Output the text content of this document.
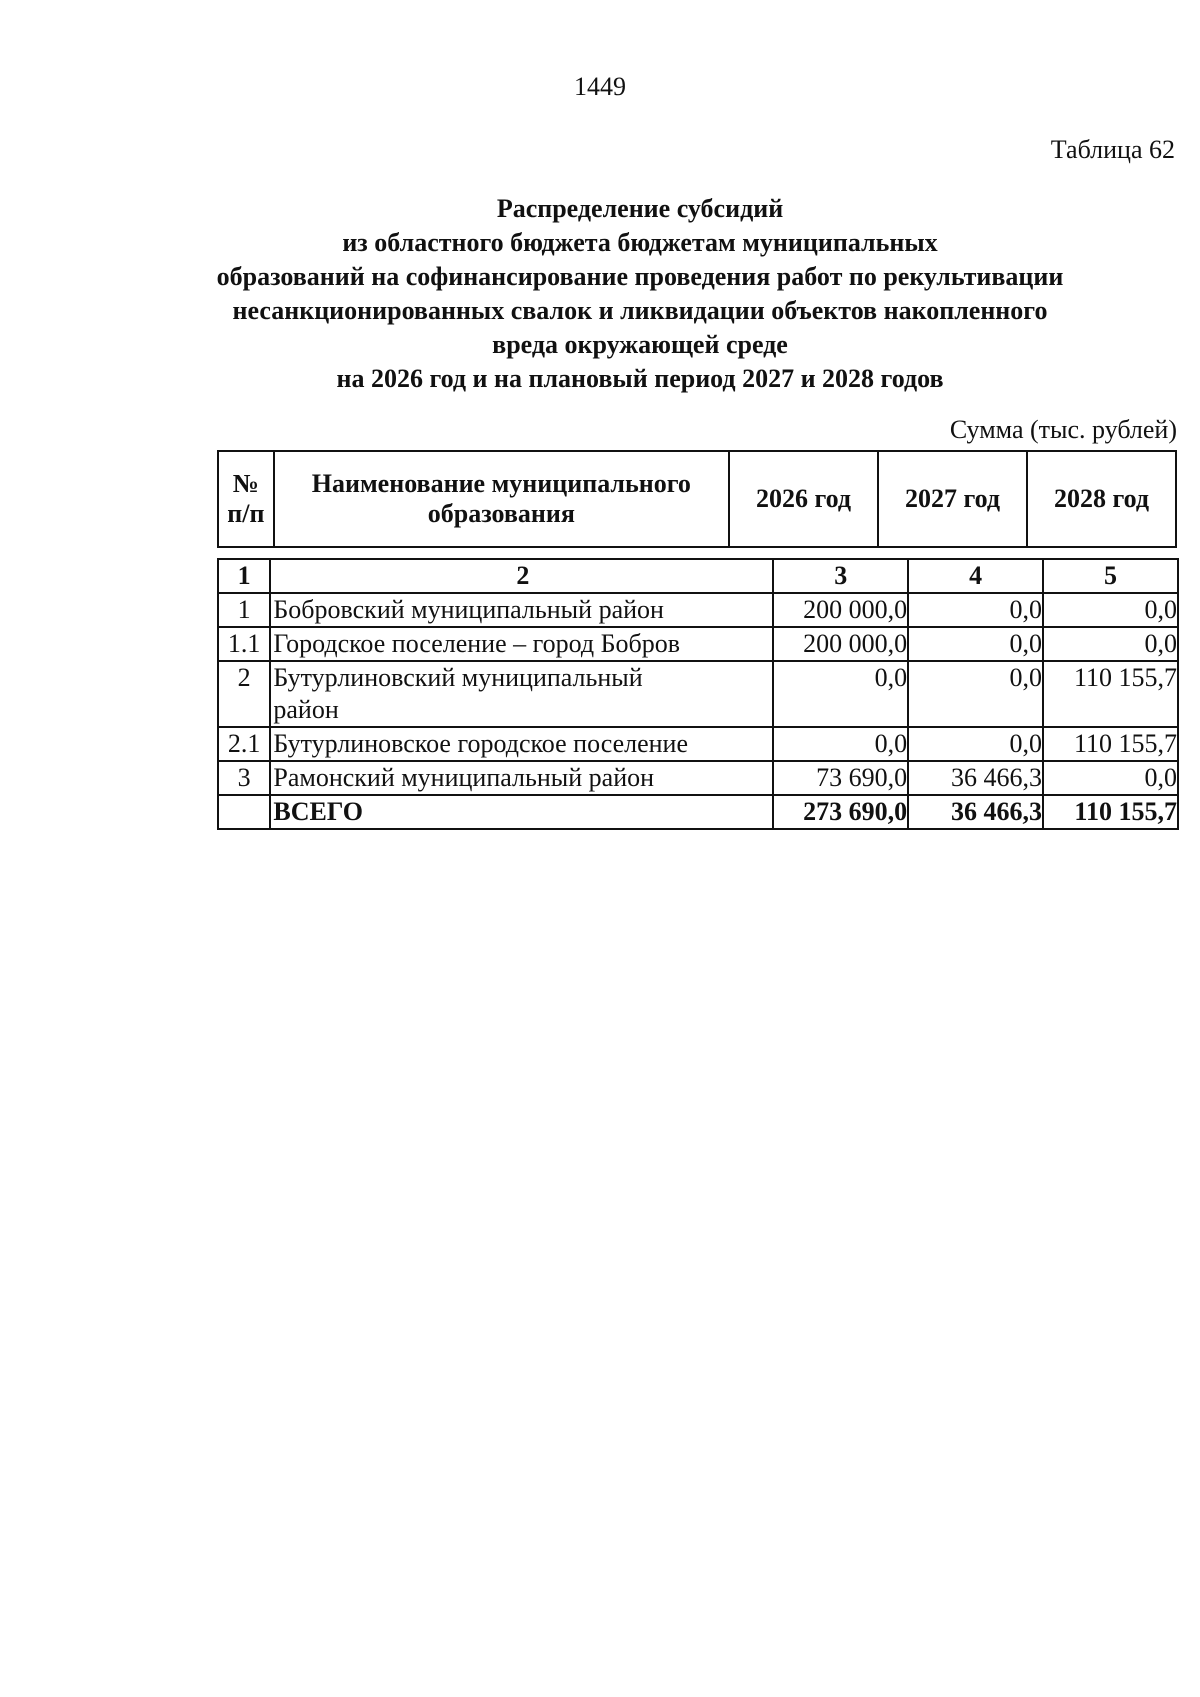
1449
Таблица 62
Распределение субсидий
из областного бюджета бюджетам муниципальных
образований на софинансирование проведения работ по рекультивации
несанкционированных свалок и ликвидации объектов накопленного
вреда окружающей среде
на 2026 год и на плановый период 2027 и 2028 годов
Сумма (тыс. рублей)
№ п/п	Наименование муниципального образования	2026 год	2027 год	2028 год
1	2	3	4	5
1	Бобровский муниципальный район	200 000,0	0,0	0,0
1.1	Городское поселение – город Бобров	200 000,0	0,0	0,0
2	Бутурлиновский муниципальный район	0,0	0,0	110 155,7
2.1	Бутурлиновское городское поселение	0,0	0,0	110 155,7
3	Рамонский муниципальный район	73 690,0	36 466,3	0,0
	ВСЕГО	273 690,0	36 466,3	110 155,7
